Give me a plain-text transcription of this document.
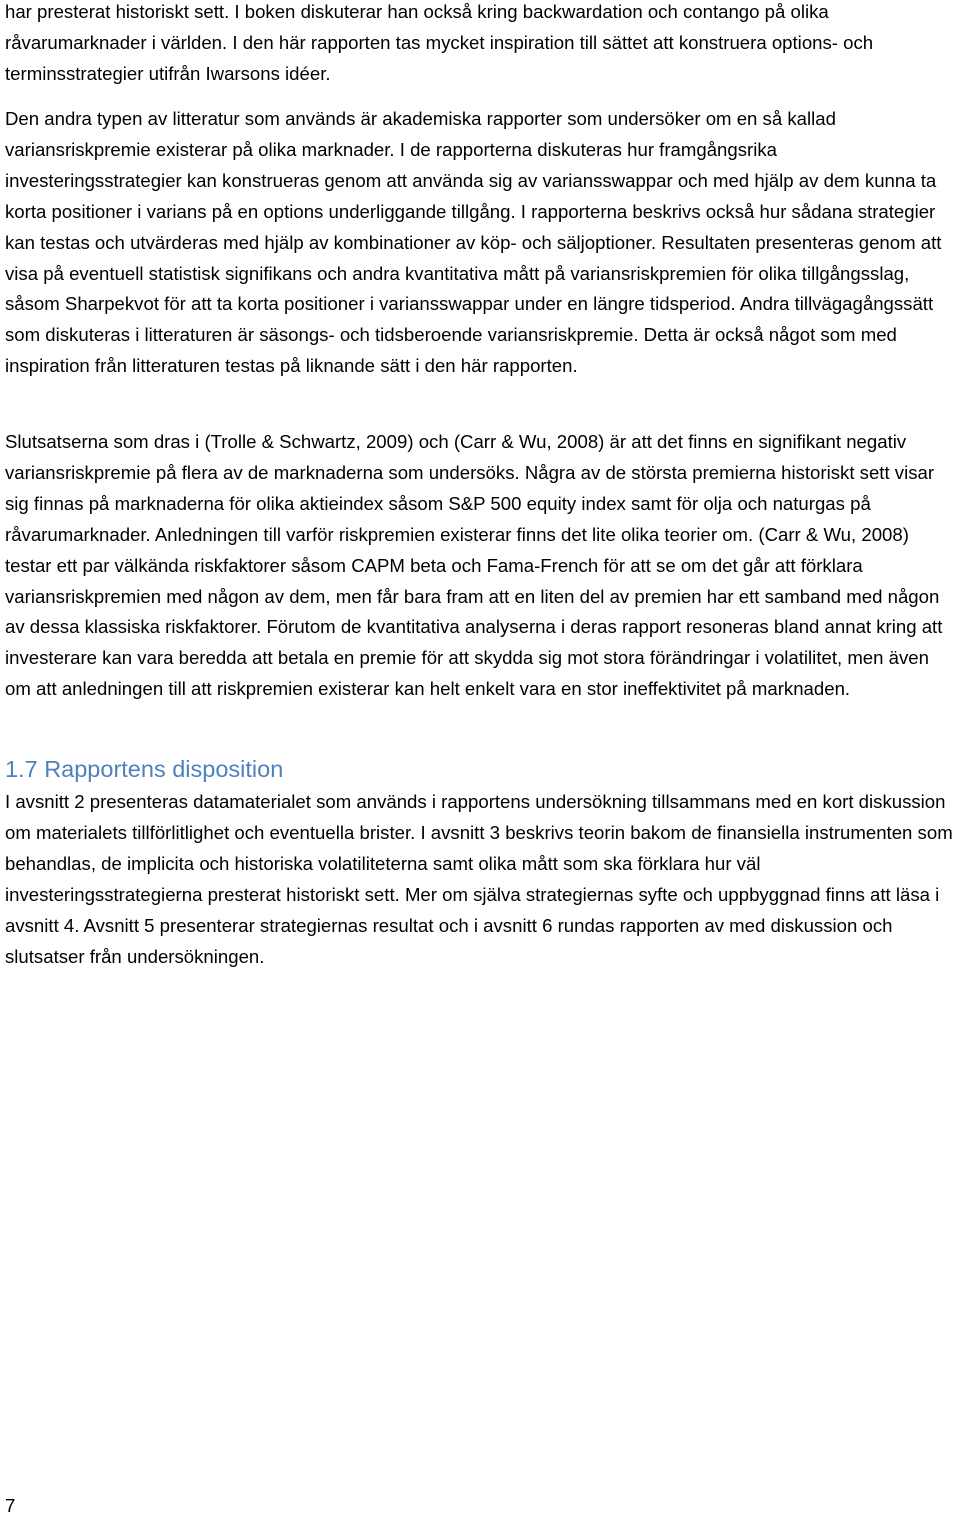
har presterat historiskt sett. I boken diskuterar han också kring backwardation och contango på olika råvarumarknader i världen. I den här rapporten tas mycket inspiration till sättet att konstruera options- och terminsstrategier utifrån Iwarsons idéer.

Den andra typen av litteratur som används är akademiska rapporter som undersöker om en så kallad variansriskpremie existerar på olika marknader. I de rapporterna diskuteras hur framgångsrika investeringsstrategier kan konstrueras genom att använda sig av variansswappar och med hjälp av dem kunna ta korta positioner i varians på en options underliggande tillgång. I rapporterna beskrivs också hur sådana strategier kan testas och utvärderas med hjälp av kombinationer av köp- och säljoptioner. Resultaten presenteras genom att visa på eventuell statistisk signifikans och andra kvantitativa mått på variansriskpremien för olika tillgångsslag, såsom Sharpekvot för att ta korta positioner i variansswappar under en längre tidsperiod. Andra tillvägagångssätt som diskuteras i litteraturen är säsongs- och tidsberoende variansriskpremie. Detta är också något som med inspiration från litteraturen testas på liknande sätt i den här rapporten.

Slutsatserna som dras i (Trolle & Schwartz, 2009) och (Carr & Wu, 2008) är att det finns en signifikant negativ variansriskpremie på flera av de marknaderna som undersöks. Några av de största premierna historiskt sett visar sig finnas på marknaderna för olika aktieindex såsom S&P 500 equity index samt för olja och naturgas på råvarumarknader. Anledningen till varför riskpremien existerar finns det lite olika teorier om. (Carr & Wu, 2008) testar ett par välkända riskfaktorer såsom CAPM beta och Fama-French för att se om det går att förklara variansriskpremien med någon av dem, men får bara fram att en liten del av premien har ett samband med någon av dessa klassiska riskfaktorer. Förutom de kvantitativa analyserna i deras rapport resoneras bland annat kring att investerare kan vara beredda att betala en premie för att skydda sig mot stora förändringar i volatilitet, men även om att anledningen till att riskpremien existerar kan helt enkelt vara en stor ineffektivitet på marknaden.

1.7 Rapportens disposition

I avsnitt 2 presenteras datamaterialet som används i rapportens undersökning tillsammans med en kort diskussion om materialets tillförlitlighet och eventuella brister. I avsnitt 3 beskrivs teorin bakom de finansiella instrumenten som behandlas, de implicita och historiska volatiliteterna samt olika mått som ska förklara hur väl investeringsstrategierna presterat historiskt sett. Mer om själva strategiernas syfte och uppbyggnad finns att läsa i avsnitt 4. Avsnitt 5 presenterar strategiernas resultat och i avsnitt 6 rundas rapporten av med diskussion och slutsatser från undersökningen.

7
